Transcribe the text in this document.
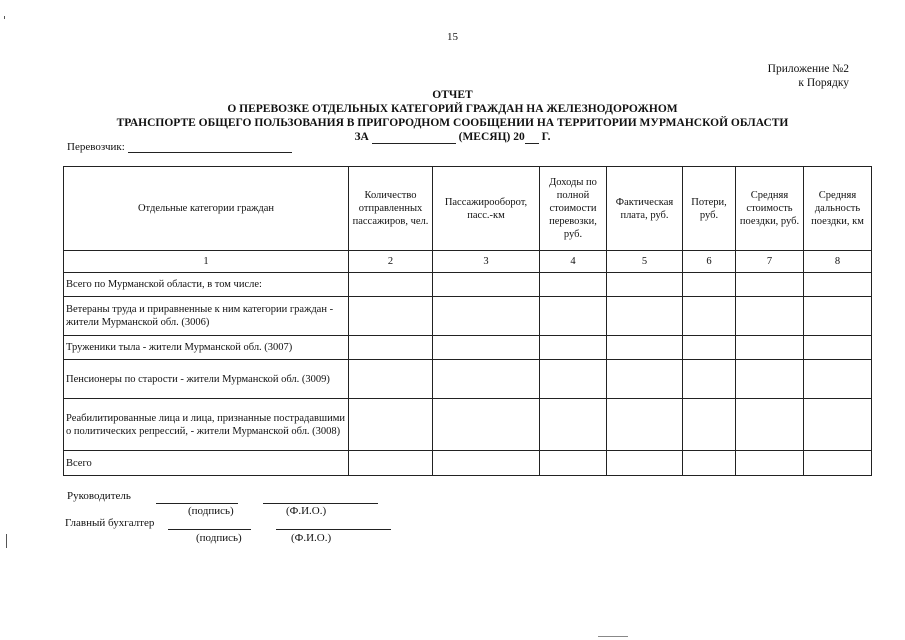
15
Приложение №2
к Порядку
ОТЧЕТ
О ПЕРЕВОЗКЕ ОТДЕЛЬНЫХ КАТЕГОРИЙ ГРАЖДАН НА ЖЕЛЕЗНОДОРОЖНОМ
ТРАНСПОРТЕ ОБЩЕГО ПОЛЬЗОВАНИЯ В ПРИГОРОДНОМ СООБЩЕНИИ НА ТЕРРИТОРИИ МУРМАНСКОЙ ОБЛАСТИ
ЗА	(МЕСЯЦ) 20 Г.
Перевозчик:
Отдельные категории граждан	Количество отправленных пассажиров, чел.	Пассажирооборот, пасс.-км	Доходы по полной стоимости перевозки, руб.	Фактическая плата, руб.	Потери, руб.	Средняя стоимость поездки, руб.	Средняя дальность поездки, км
1	2	3	4	5	6	7	8
Всего по Мурманской области, в том числе:							
Ветераны труда и приравненные к ним категории граждан - жители Мурманской обл. (3006)							
Труженики тыла - жители Мурманской обл. (3007)							
Пенсионеры по старости - жители Мурманской обл. (3009)							
Реабилитированные лица и лица, признанные пострадавшими о политических репрессий, - жители Мурманской обл. (3008)							
Всего							
Руководитель
(подпись)	(Ф.И.О.)
Главный бухгалтер
(подпись)	(Ф.И.О.)
